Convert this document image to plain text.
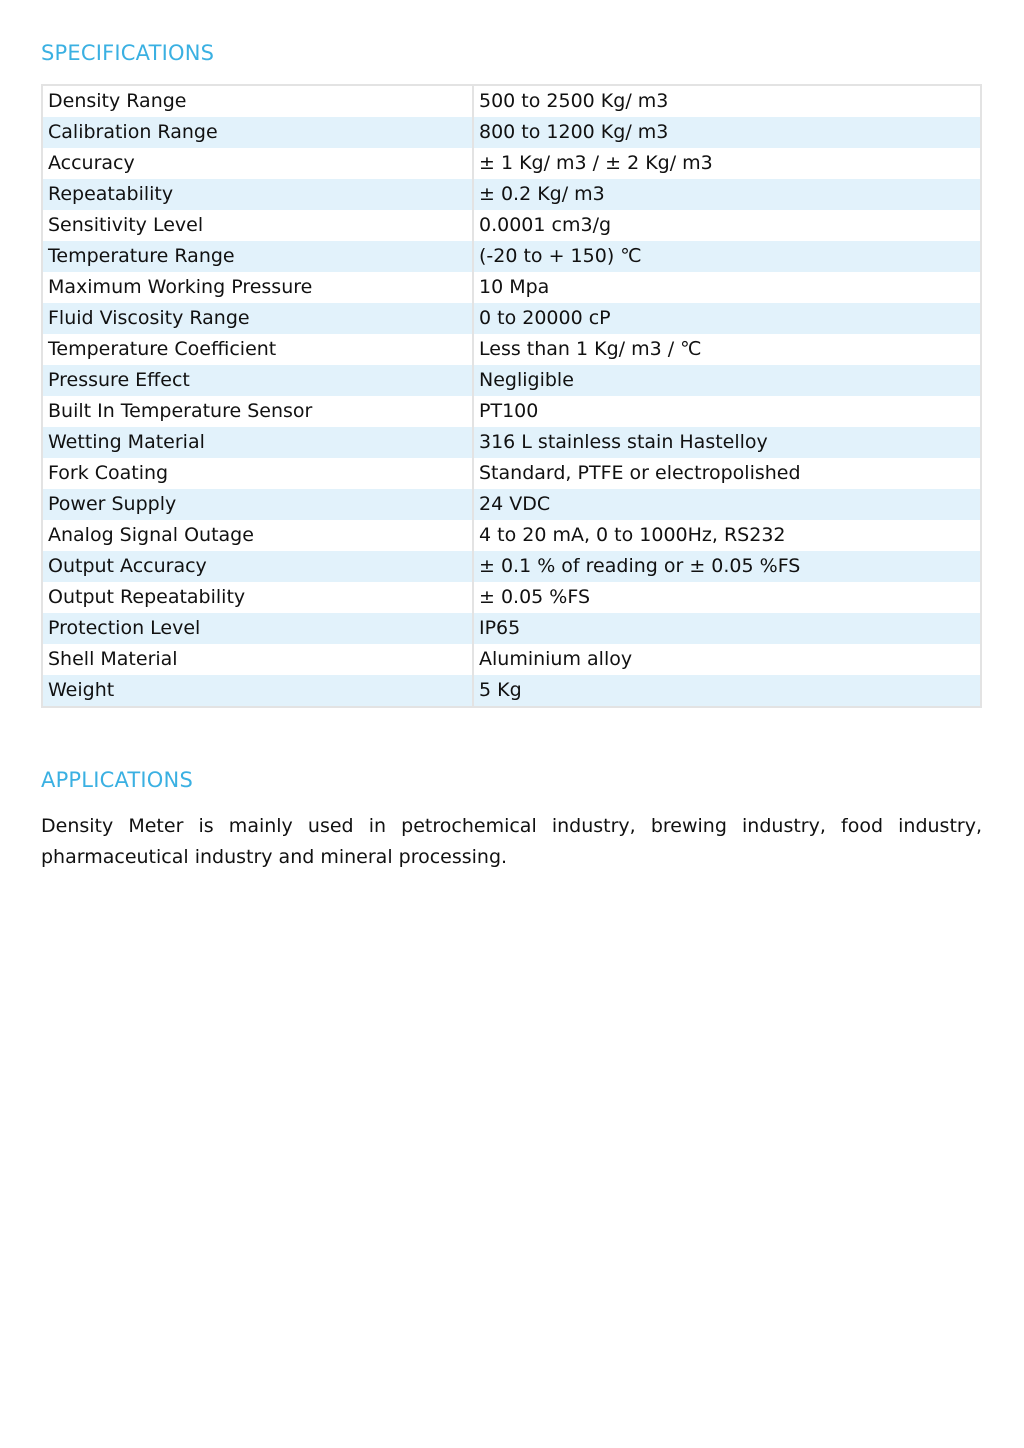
SPECIFICATIONS
Density Range	500 to 2500 Kg/ m3
Calibration Range	800 to 1200 Kg/ m3
Accuracy	± 1 Kg/ m3 / ± 2 Kg/ m3
Repeatability	± 0.2 Kg/ m3
Sensitivity Level	0.0001 cm3/g
Temperature Range	(-20 to + 150) ℃
Maximum Working Pressure	10 Mpa
Fluid Viscosity Range	0 to 20000 cP
Temperature Coefficient	Less than 1 Kg/ m3 / ℃
Pressure Effect	Negligible
Built In Temperature Sensor	PT100
Wetting Material	316 L stainless stain Hastelloy
Fork Coating	Standard, PTFE or electropolished
Power Supply	24 VDC
Analog Signal Outage	4 to 20 mA, 0 to 1000Hz, RS232
Output Accuracy	± 0.1 % of reading or ± 0.05 %FS
Output Repeatability	± 0.05 %FS
Protection Level	IP65
Shell Material	Aluminium alloy
Weight	5 Kg
APPLICATIONS

Density Meter is mainly used in petrochemical industry, brewing industry, food industry, pharmaceutical industry and mineral processing.
